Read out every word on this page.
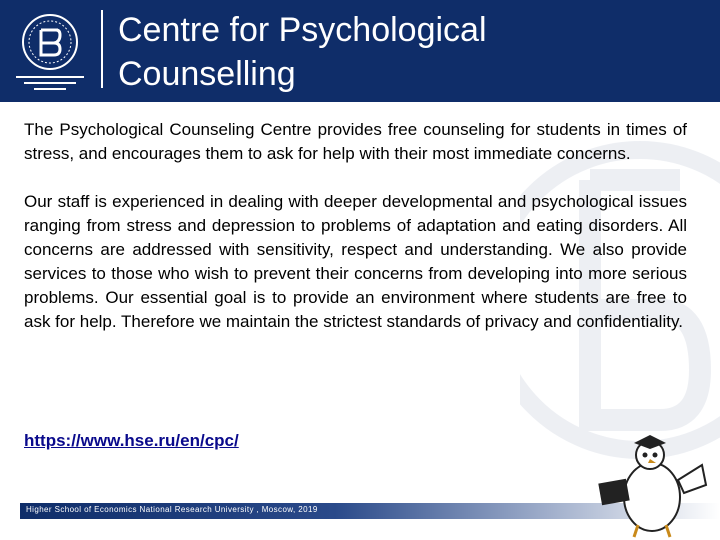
Centre for Psychological
Counselling

The Psychological Counseling Centre provides free counseling for students in times of stress, and encourages them to ask for help with their most immediate concerns.

Our staff is experienced in dealing with deeper developmental and psychological issues ranging from stress and depression to problems of adaptation and eating disorders. All concerns are addressed with sensitivity, respect and understanding. We also provide services to those who wish to prevent their concerns from developing into more serious problems. Our essential goal is to provide an environment where students are free to ask for help. Therefore we maintain the strictest standards of privacy and confidentiality.

https://www.hse.ru/en/cpc/
Higher School of Economics National Research University , Moscow, 2019
